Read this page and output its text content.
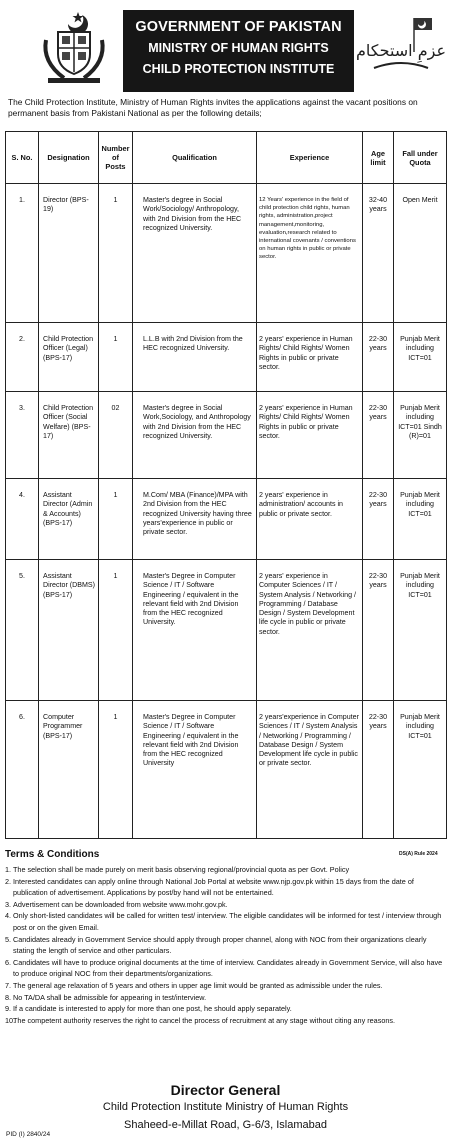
GOVERNMENT OF PAKISTAN
MINISTRY OF HUMAN RIGHTS
CHILD PROTECTION INSTITUTE
عزمِ استحکام
The Child Protection Institute, Ministry of Human Rights invites the applications against the vacant positions on permanent basis from Pakistani National as per the following details;
S. No.	Designation	Number of Posts	Qualification	Experience	Age limit	Fall under Quota

1.	Director (BPS-19)	1	Master's degree in Social Work/Sociology/ Anthropology, with 2nd Division from the HEC recognized University.	12 Years' experience in the field of child protection child rights, human rights, administration,project management,monitoring, evaluation,research related to international covenants / conventions on human rights in public or private sector.	32-40 years	Open Merit

2.	Child Protection Officer (Legal) (BPS-17)	1	L.L.B with 2nd Division from the HEC recognized University.	2 years' experience in Human Rights/ Child Rights/ Women Rights in public or private sector.	22-30 years	Punjab Merit including ICT=01

3.	Child Protection Officer (Social Welfare) (BPS-17)	02	Master's degree in Social Work,Sociology, and Anthropology with 2nd Division from the HEC recognized University.	2 years' experience in Human Rights/ Child Rights/ Women Rights in public or private sector.	22-30 years	Punjab Merit including ICT=01 Sindh (R)=01

4.	Assistant Director (Admin & Accounts) (BPS-17)	1	M.Com/ MBA (Finance)/MPA with 2nd Division from the HEC recognized University having three years'experience in public or private sector.	2 years' experience in administration/ accounts in public or private sector.	22-30 years	Punjab Merit including ICT=01

5.	Assistant Director (DBMS) (BPS-17)	1	Master's Degree in Computer Science / IT / Software Engineering / equivalent in the relevant field with 2nd Division from the HEC recognized University.	2 years' experience in Computer Sciences / IT / System Analysis / Networking / Programming / Database Design / System Development life cycle in public or private sector.	22-30 years	Punjab Merit including ICT=01

6.	Computer Programmer (BPS-17)	1	Master's Degree in Computer Science / IT / Software Engineering / equivalent in the relevant field with 2nd Division from the HEC recognized University	2 years'experience in Computer Sciences / IT / System Analysis / Networking / Programming / Database Design / System Development life cycle in public or private sector.	22-30 years	Punjab Merit including ICT=01
Terms & Conditions	DS(A) Rule 2024
1. The selection shall be made purely on merit basis observing regional/provincial quota as per Govt. Policy
2. Interested candidates can apply online through National Job Portal at website www.njp.gov.pk within 15 days from the date of publication of advertisement. Applications by post/by hand will not be entertained.
3. Advertisement can be downloaded from website www.mohr.gov.pk.
4. Only short-listed candidates will be called for written test/ interview. The eligible candidates will be informed for test / interview through post or on the given Email.
5. Candidates already in Government Service should apply through proper channel, along with NOC from their organizations clearly stating the length of service and other particulars.
6. Candidates will have to produce original documents at the time of interview. Candidates already in Government Service, will also have to produce original NOC from their departments/organizations.
7. The general age relaxation of 5 years and others in upper age limit would be granted as admissible under the rules.
8. No TA/DA shall be admissible for appearing in test/interview.
9. If a candidate is interested to apply for more than one post, he should apply separately.
10.
The competent authority reserves the right to cancel the process of recruitment at any stage without citing any reasons.
Director General
Child Protection Institute Ministry of Human Rights
Shaheed-e-Millat Road, G-6/3, Islamabad
PID (I) 2840/24
